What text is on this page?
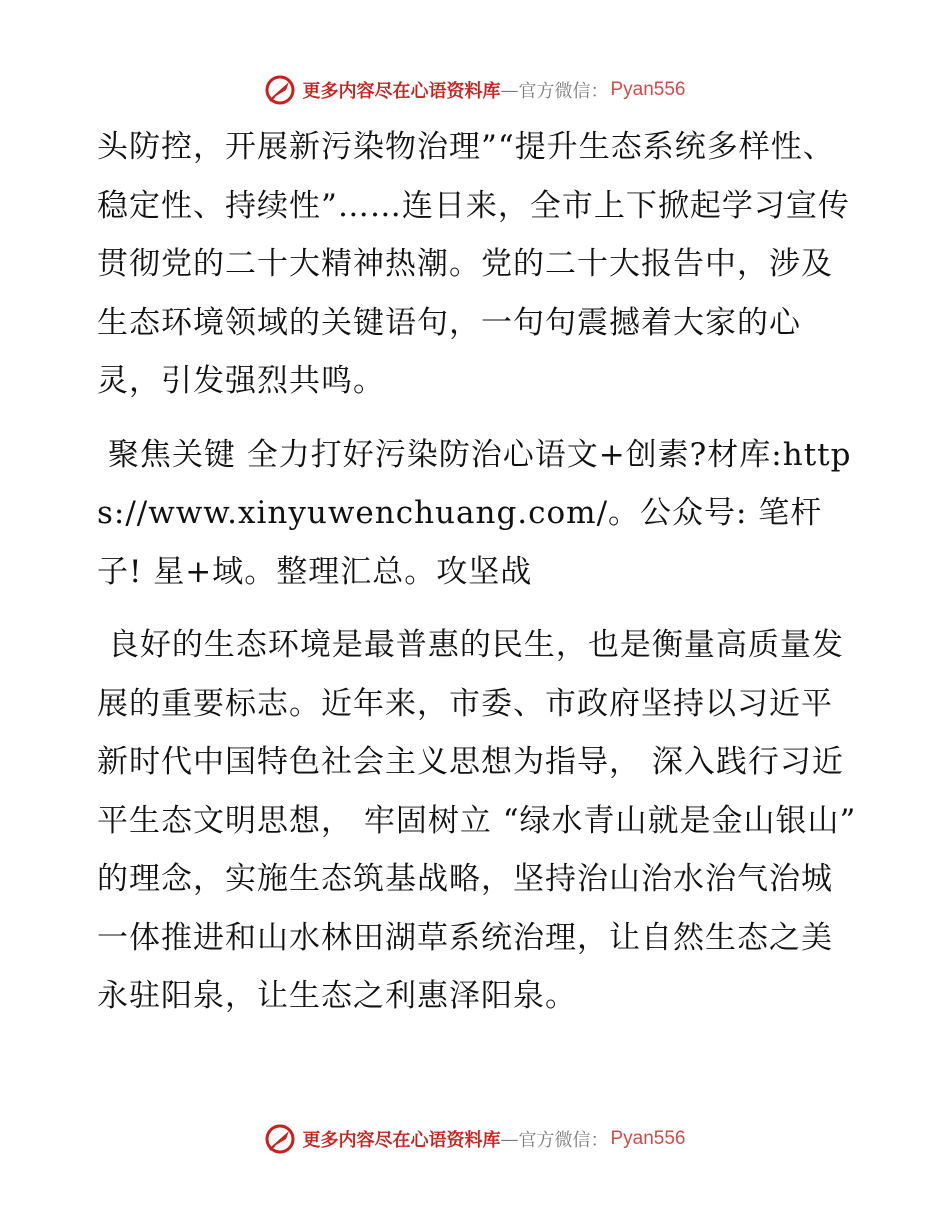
更多内容尽在心语资料库 — 官方微信： Pyan556

头防控，开展新污染物治理”“提升生态系统多样性、稳定性、持续性”……连日来，全市上下掀起学习宣传贯彻党的二十大精神热潮。党的二十大报告中，涉及生态环境领域的关键语句，一句句震撼着大家的心灵，引发强烈共鸣。

聚焦关键 全力打好污染防治心语文+创素?材库:https://www.xinyuwenchuang.com/。公众号: 笔杆子! 星+域。整理汇总。攻坚战

良好的生态环境是最普惠的民生，也是衡量高质量发展的重要标志。近年来，市委、市政府坚持以习近平新时代中国特色社会主义思想为指导， 深入践行习近平生态文明思想， 牢固树立 “绿水青山就是金山银山” 的理念，实施生态筑基战略，坚持治山治水治气治城一体推进和山水林田湖草系统治理，让自然生态之美永驻阳泉，让生态之利惠泽阳泉。

更多内容尽在心语资料库 — 官方微信： Pyan556
